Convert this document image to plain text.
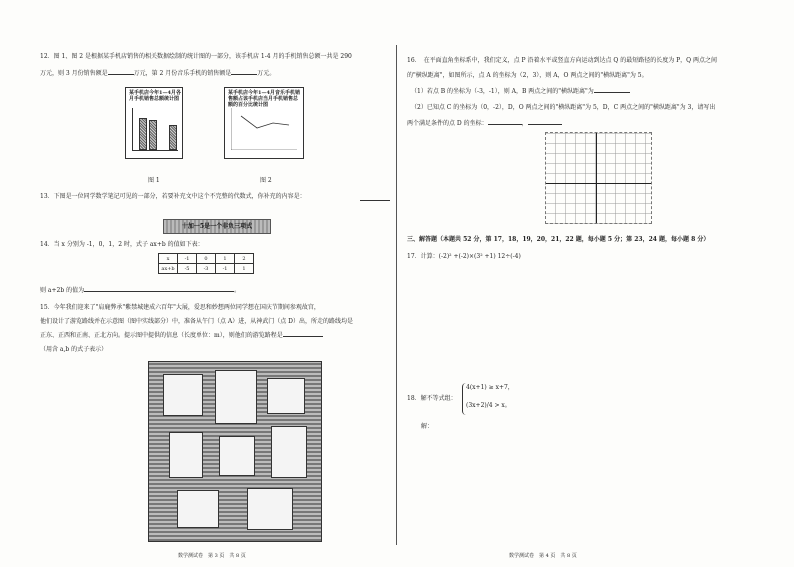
12．图 1、图 2 是根据某手机店销售的相关数据绘制的统计图的一部分，该手机店 1-4 月的手机销售总额一共是 290
万元，则 3 月份销售额是	万元，第 2 月份音乐手机的销售额是	万元。
某手机店今年1—4月各月手机销售总额统计图
图 1
某手机店今年1—4月音乐手机销售额占该手机店当月手机销售总额的百分比统计图
图 2
13．下图是一位同学数学笔记可见的一部分，若要补充文中这个不完整的代数式，你补充的内容是：
十加一5是一个非负三项式
14．当 x 分别为 -1，0，1，2 时，式子 ax+b 的值如下表：
x	-1	0	1	2
ax+b	-5	-3	-1	1
则 a+2b 的值为	。
15．今年我们迎来了"肩鹿弊承"紫禁城建成六百年"大展，爱思和妙想两位同学想在国庆节期间参观故宫，
他们设计了游览路线并在示意图（图中实线部分）中，准备从午门（点 A）进，从神武门（点 D）出，所走的路线均是
正东、正西和正南、正北方向。提示图中提供的信息（长度单位：m），则他们的游览路程是
（用含 a,b 的式子表示）
数学测试卷　第 3 页　共 8 页
16．　在平面直角坐标系中，我们定义，点 P 沿着水平或竖直方向运动到达点 Q 的最短路径的长度为 P，Q 两点之间
的"横纵距离"，如图所示，点 A 的坐标为（2，3），则 A，O 两点之间的"横纵距离"为 5。
（1）若点 B 的坐标为（-3，-1），则 A，B 两点之间的"横纵距离"为
（2）已知点 C 的坐标为（0，-2），D，O 两点之间的"横纵距离"为 5，D，C 两点之间的"横纵距离"为 3，请写出
两个满足条件的点 D 的坐标：	，
三、解答题（本题共 52 分，第 17，18，19，20，21，22 题，每小题 5 分；第 23，24 题，每小题 8 分）
17．计算：(-2)² +(-2)×(3² +1) 12÷(-4)
18．解不等式组：
4(x+1) ≥ x+7，
(3x+2)/4 > x。
解：
数学测试卷　第 4 页　共 8 页
